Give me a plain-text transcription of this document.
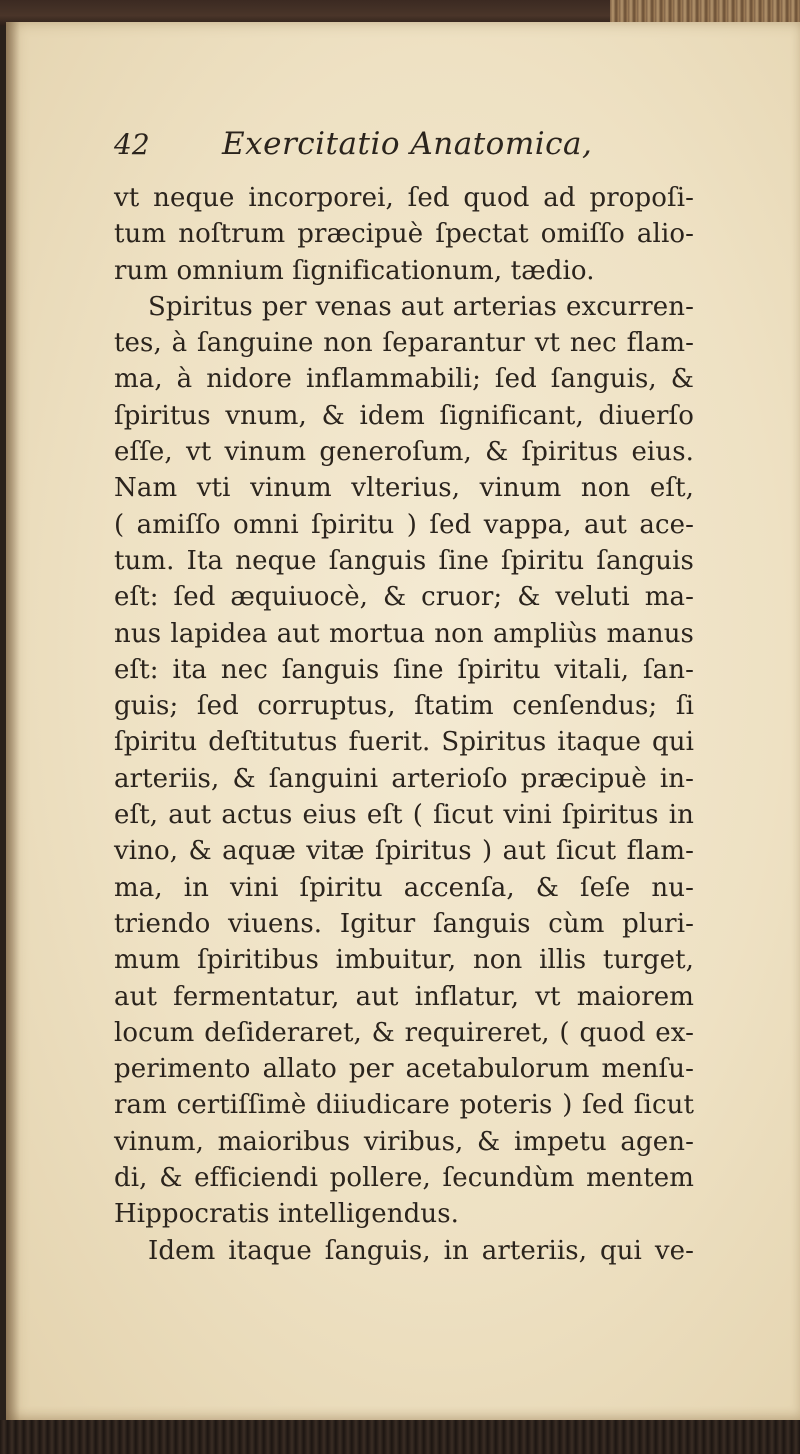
42 Exercitatio Anatomica,
vt neque incorporei, ſed quod ad propoſi-
tum noſtrum præcipuè ſpectat omiſſo alio-
rum omnium ſignificationum, tædio.
Spiritus per venas aut arterias excurren-
tes, à ſanguine non ſeparantur vt nec flam-
ma, à nidore inflammabili; ſed ſanguis, &
ſpiritus vnum, & idem ſignificant, diuerſo
eſſe, vt vinum generoſum, & ſpiritus eius.
Nam vti vinum vlterius, vinum non eſt,
( amiſſo omni ſpiritu ) ſed vappa, aut ace-
tum. Ita neque ſanguis ſine ſpiritu ſanguis
eſt: ſed æquiuocè, & cruor; & veluti ma-
nus lapidea aut mortua non ampliùs manus
eſt: ita nec ſanguis ſine ſpiritu vitali, ſan-
guis; ſed corruptus, ſtatim cenſendus; ſi
ſpiritu deſtitutus fuerit. Spiritus itaque qui
arteriis, & ſanguini arterioſo præcipuè in-
eſt, aut actus eius eſt ( ſicut vini ſpiritus in
vino, & aquæ vitæ ſpiritus ) aut ſicut flam-
ma, in vini ſpiritu accenſa, & ſeſe nu-
triendo viuens. Igitur ſanguis cùm pluri-
mum ſpiritibus imbuitur, non illis turget,
aut fermentatur, aut inflatur, vt maiorem
locum deſideraret, & requireret, ( quod ex-
perimento allato per acetabulorum menſu-
ram certiſſimè diiudicare poteris ) ſed ſicut
vinum, maioribus viribus, & impetu agen-
di, & efficiendi pollere, ſecundùm mentem
Hippocratis intelligendus.
Idem itaque ſanguis, in arteriis, qui ve-
